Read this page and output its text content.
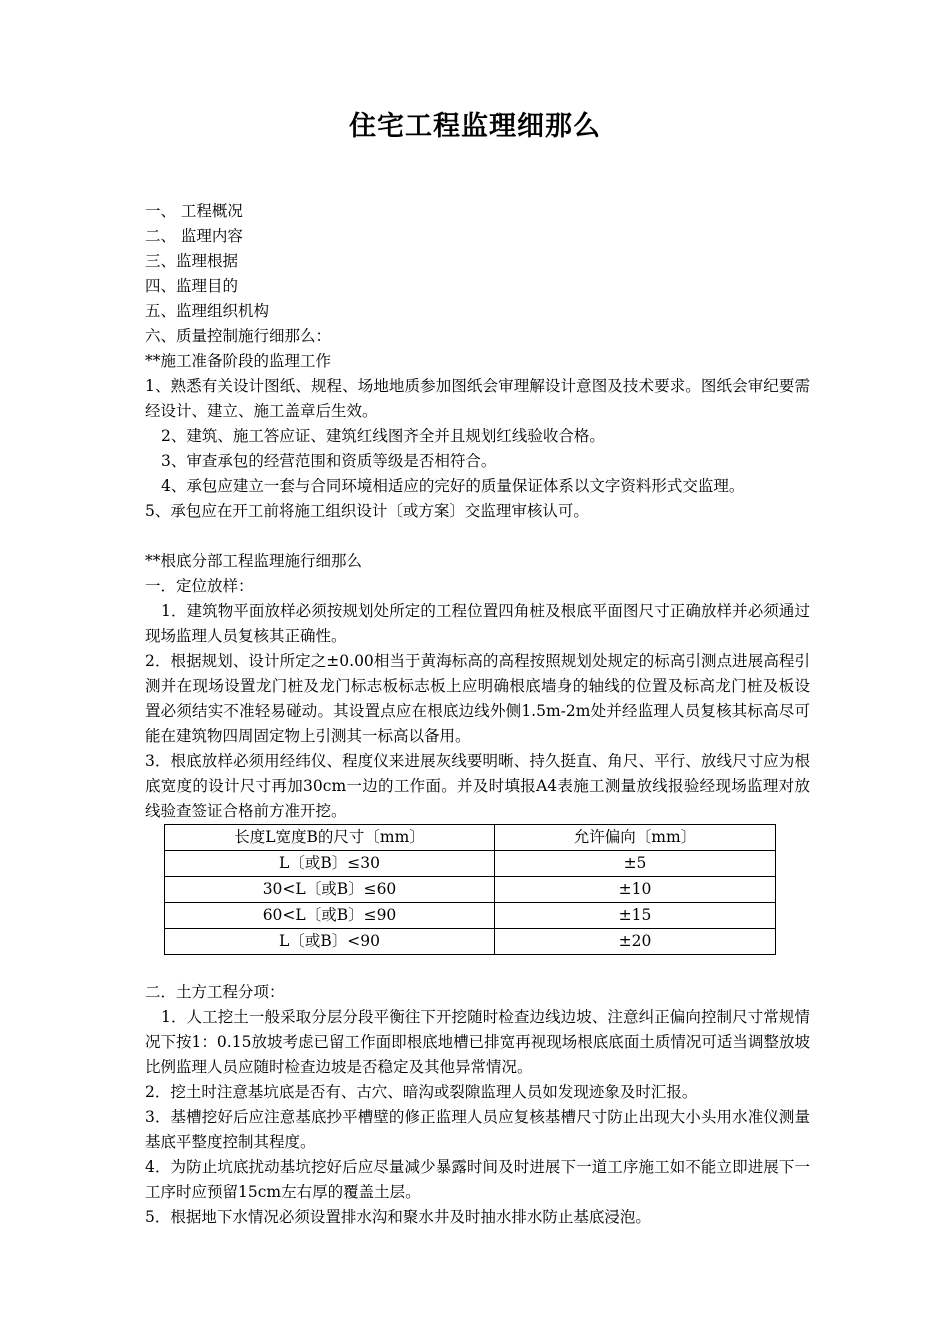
住宅工程监理细那么
一、 工程概况
二、 监理内容
三、监理根据
四、监理目的
五、监理组织机构
六、质量控制施行细那么：
**施工准备阶段的监理工作
1、熟悉有关设计图纸、规程、场地地质参加图纸会审理解设计意图及技术要求。图纸会审纪要需经设计、建立、施工盖章后生效。
2、建筑、施工答应证、建筑红线图齐全并且规划红线验收合格。
3、审查承包的经营范围和资质等级是否相符合。
4、承包应建立一套与合同环境相适应的完好的质量保证体系以文字资料形式交监理。
5、承包应在开工前将施工组织设计〔或方案〕交监理审核认可。
**根底分部工程监理施行细那么
一．定位放样：
1．建筑物平面放样必须按规划处所定的工程位置四角桩及根底平面图尺寸正确放样并必须通过现场监理人员复核其正确性。
2．根据规划、设计所定之±0.00相当于黄海标高的高程按照规划处规定的标高引测点进展高程引测并在现场设置龙门桩及龙门标志板标志板上应明确根底墙身的轴线的位置及标高龙门桩及板设置必须结实不准轻易碰动。其设置点应在根底边线外侧1.5m-2m处并经监理人员复核其标高尽可能在建筑物四周固定物上引测其一标高以备用。
3．根底放样必须用经纬仪、程度仪来进展灰线要明晰、持久挺直、角尺、平行、放线尺寸应为根底宽度的设计尺寸再加30cm一边的工作面。并及时填报A4表施工测量放线报验经现场监理对放线验查签证合格前方准开挖。
长度L宽度B的尺寸〔mm〕	允许偏向〔mm〕
L〔或B〕≤30	±5
30<L〔或B〕≤60	±10
60<L〔或B〕≤90	±15
L〔或B〕<90	±20
二．土方工程分项：
1．人工挖土一般采取分层分段平衡往下开挖随时检查边线边坡、注意纠正偏向控制尺寸常规情况下按1：0.15放坡考虑已留工作面即根底地槽已排宽再视现场根底底面土质情况可适当调整放坡比例监理人员应随时检查边坡是否稳定及其他异常情况。
2．挖土时注意基坑底是否有、古穴、暗沟或裂隙监理人员如发现迹象及时汇报。
3．基槽挖好后应注意基底抄平槽壁的修正监理人员应复核基槽尺寸防止出现大小头用水准仪测量基底平整度控制其程度。
4．为防止坑底扰动基坑挖好后应尽量减少暴露时间及时进展下一道工序施工如不能立即进展下一工序时应预留15cm左右厚的覆盖土层。
5．根据地下水情况必须设置排水沟和聚水井及时抽水排水防止基底浸泡。
